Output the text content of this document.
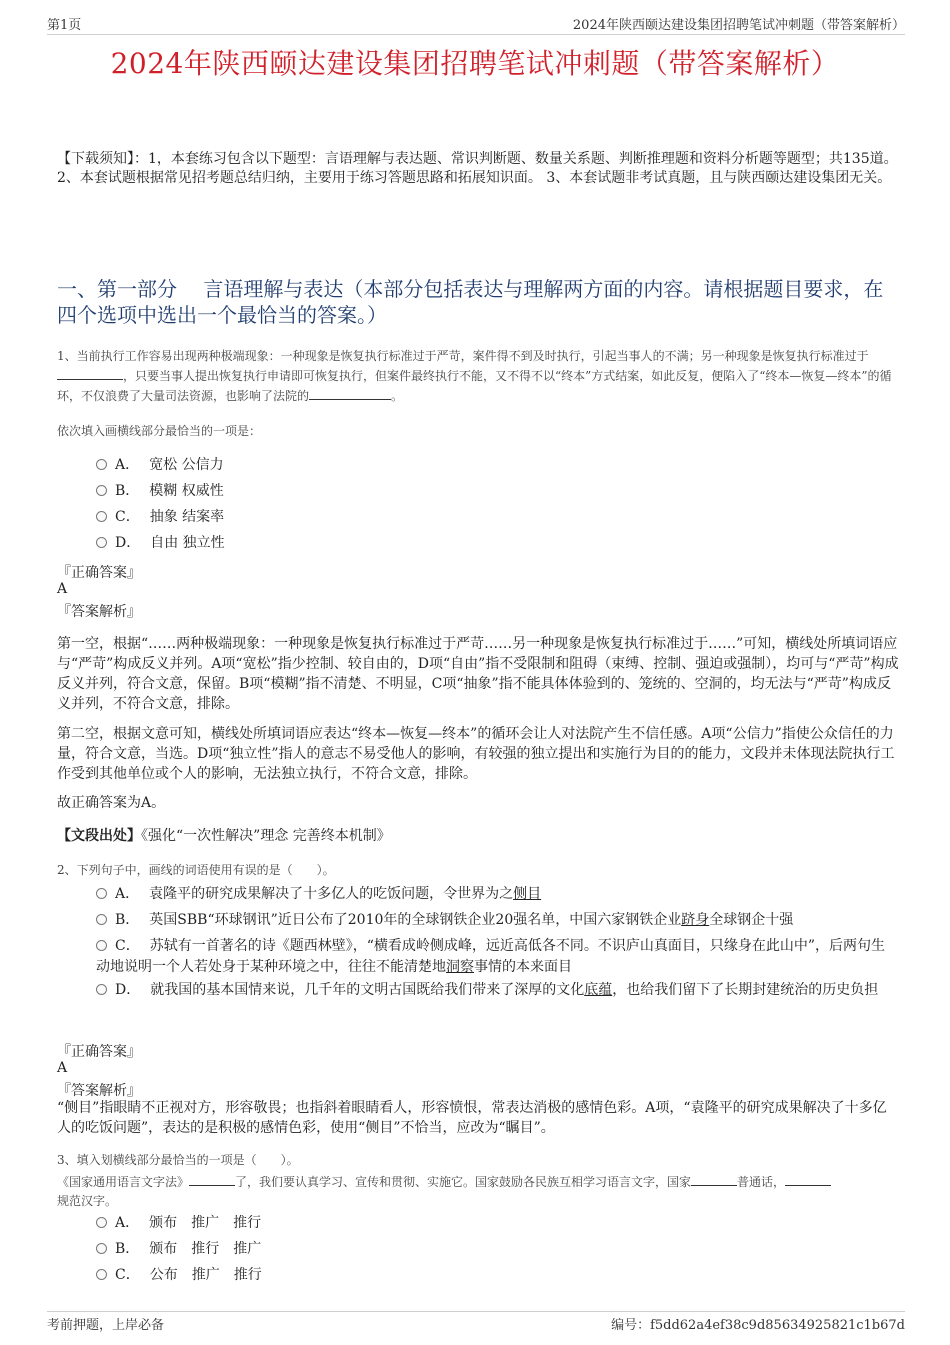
第1页	2024年陕西颐达建设集团招聘笔试冲刺题（带答案解析）
2024年陕西颐达建设集团招聘笔试冲刺题（带答案解析）
【下载须知】：1，本套练习包含以下题型：言语理解与表达题、常识判断题、数量关系题、判断推理题和资料分析题等题型；共135道。 2、本套试题根据常见招考题总结归纳，主要用于练习答题思路和拓展知识面。 3、本套试题非考试真题，且与陕西颐达建设集团无关。
一、第一部分　 言语理解与表达（本部分包括表达与理解两方面的内容。请根据题目要求，在四个选项中选出一个最恰当的答案。）
1、当前执行工作容易出现两种极端现象：一种现象是恢复执行标准过于严苛，案件得不到及时执行，引起当事人的不满；另一种现象是恢复执行标准过于，只要当事人提出恢复执行申请即可恢复执行，但案件最终执行不能，又不得不以“终本”方式结案，如此反复，便陷入了“终本—恢复—终本”的循环，不仅浪费了大量司法资源，也影响了法院的	。
依次填入画横线部分最恰当的一项是：
A． 宽松 公信力
B． 模糊 权威性
C． 抽象 结案率
D． 自由 独立性
『正确答案』
A
『答案解析』
第一空，根据“……两种极端现象：一种现象是恢复执行标准过于严苛……另一种现象是恢复执行标准过于……”可知，横线处所填词语应与“严苛”构成反义并列。A项“宽松”指少控制、较自由的，D项“自由”指不受限制和阻碍（束缚、控制、强迫或强制），均可与“严苛”构成反义并列，符合文意，保留。B项“模糊”指不清楚、不明显，C项“抽象”指不能具体体验到的、笼统的、空洞的，均无法与“严苛”构成反义并列，不符合文意，排除。
第二空，根据文意可知，横线处所填词语应表达“终本—恢复—终本”的循环会让人对法院产生不信任感。A项“公信力”指使公众信任的力量，符合文意，当选。D项“独立性”指人的意志不易受他人的影响，有较强的独立提出和实施行为目的的能力，文段并未体现法院执行工作受到其他单位或个人的影响，无法独立执行，不符合文意，排除。
故正确答案为A。
【文段出处】《强化“一次性解决”理念 完善终本机制》
2、下列句子中，画线的词语使用有误的是（　　）。
A． 袁隆平的研究成果解决了十多亿人的吃饭问题，令世界为之侧目
B． 英国SBB“环球钢讯”近日公布了2010年的全球钢铁企业20强名单，中国六家钢铁企业跻身全球钢企十强
C． 苏轼有一首著名的诗《题西林壁》，“横看成岭侧成峰，远近高低各不同。不识庐山真面目，只缘身在此山中”，后两句生动地说明一个人若处身于某种环境之中，往往不能清楚地洞察事情的本来面目
D． 就我国的基本国情来说，几千年的文明古国既给我们带来了深厚的文化底蕴，也给我们留下了长期封建统治的历史负担
『正确答案』
A
『答案解析』
“侧目”指眼睛不正视对方，形容敬畏；也指斜着眼睛看人，形容愤恨，常表达消极的感情色彩。A项，“袁隆平的研究成果解决了十多亿人的吃饭问题”，表达的是积极的感情色彩，使用“侧目”不恰当，应改为“瞩目”。
3、填入划横线部分最恰当的一项是（　　）。
《国家通用语言文字法》	了，我们要认真学习、宣传和贯彻、实施它。国家鼓励各民族互相学习语言文字，国家	普通话，规范汉字。
A． 颁布　推广　推行
B． 颁布　推行　推广
C． 公布　推广　推行
考前押题，上岸必备	编号：f5dd62a4ef38c9d85634925821c1b67d
